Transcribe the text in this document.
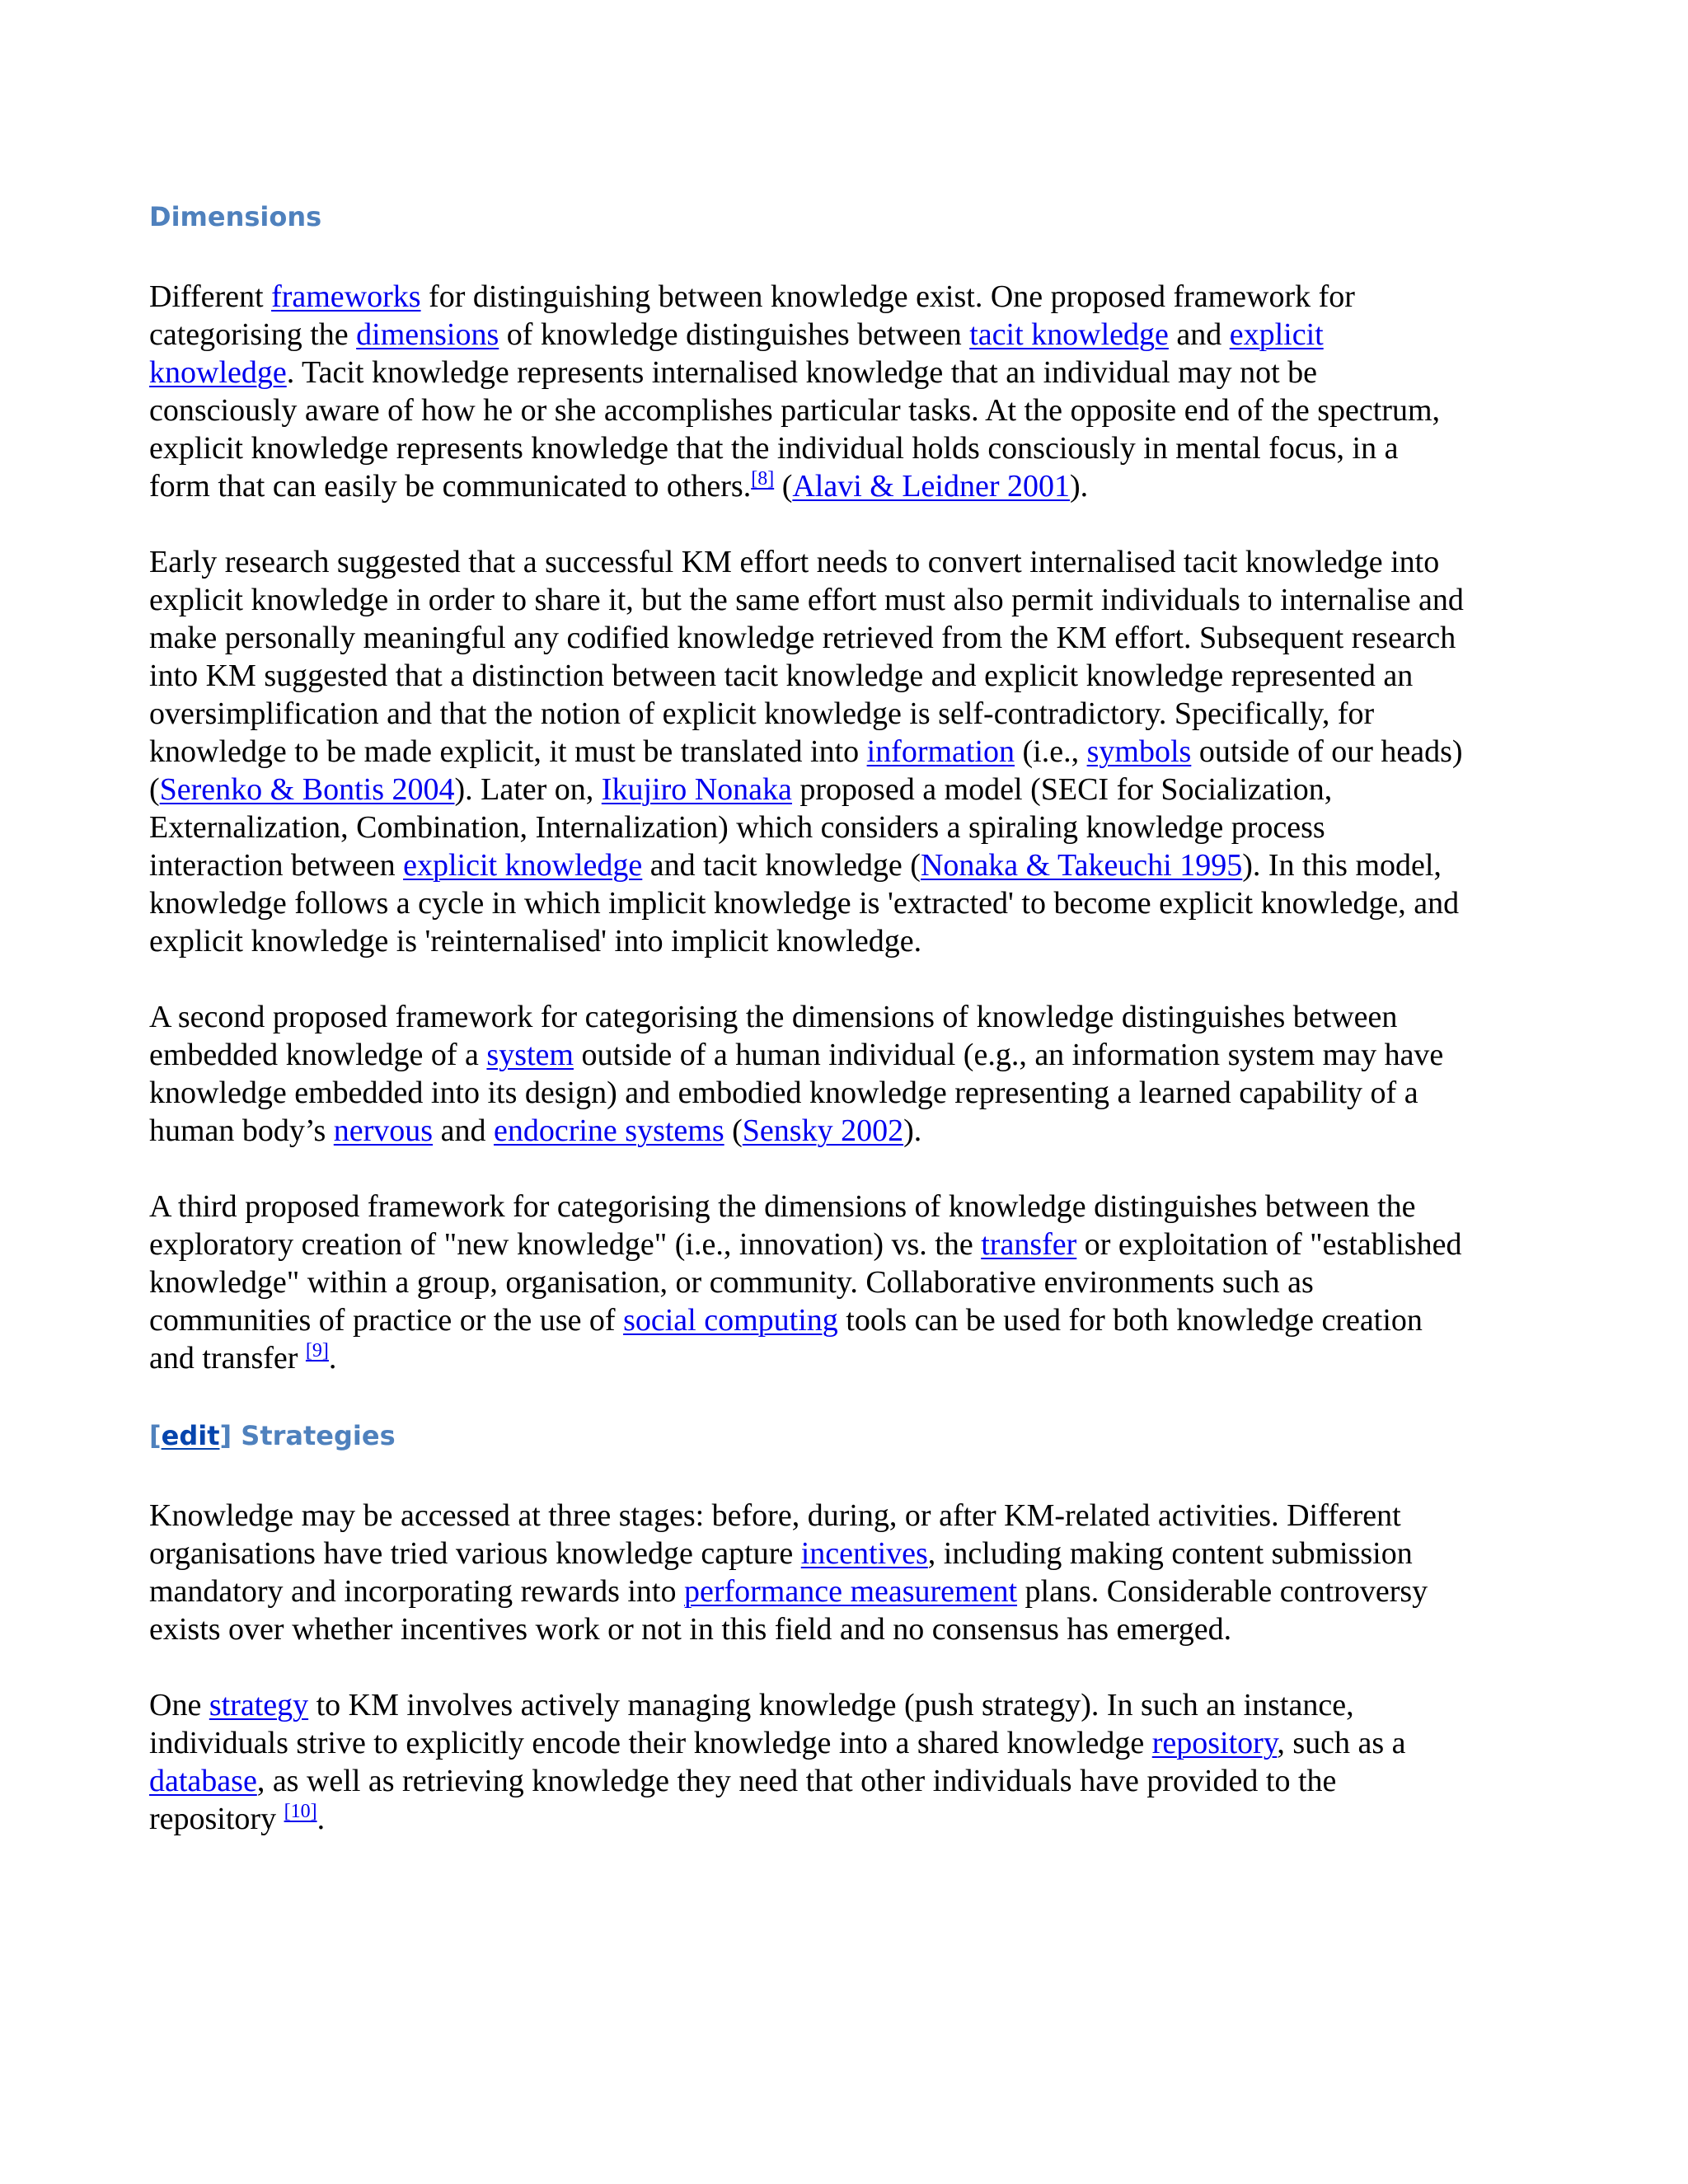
Dimensions
Different frameworks for distinguishing between knowledge exist. One proposed framework for
categorising the dimensions of knowledge distinguishes between tacit knowledge and explicit
knowledge. Tacit knowledge represents internalised knowledge that an individual may not be
consciously aware of how he or she accomplishes particular tasks. At the opposite end of the spectrum,
explicit knowledge represents knowledge that the individual holds consciously in mental focus, in a
form that can easily be communicated to others.[8] (Alavi & Leidner 2001).
Early research suggested that a successful KM effort needs to convert internalised tacit knowledge into
explicit knowledge in order to share it, but the same effort must also permit individuals to internalise and
make personally meaningful any codified knowledge retrieved from the KM effort. Subsequent research
into KM suggested that a distinction between tacit knowledge and explicit knowledge represented an
oversimplification and that the notion of explicit knowledge is self-contradictory. Specifically, for
knowledge to be made explicit, it must be translated into information (i.e., symbols outside of our heads)
(Serenko & Bontis 2004). Later on, Ikujiro Nonaka proposed a model (SECI for Socialization,
Externalization, Combination, Internalization) which considers a spiraling knowledge process
interaction between explicit knowledge and tacit knowledge (Nonaka & Takeuchi 1995). In this model,
knowledge follows a cycle in which implicit knowledge is 'extracted' to become explicit knowledge, and
explicit knowledge is 'reinternalised' into implicit knowledge.
A second proposed framework for categorising the dimensions of knowledge distinguishes between
embedded knowledge of a system outside of a human individual (e.g., an information system may have
knowledge embedded into its design) and embodied knowledge representing a learned capability of a
human body’s nervous and endocrine systems (Sensky 2002).
A third proposed framework for categorising the dimensions of knowledge distinguishes between the
exploratory creation of "new knowledge" (i.e., innovation) vs. the transfer or exploitation of "established
knowledge" within a group, organisation, or community. Collaborative environments such as
communities of practice or the use of social computing tools can be used for both knowledge creation
and transfer [9].
[edit] Strategies
Knowledge may be accessed at three stages: before, during, or after KM-related activities. Different
organisations have tried various knowledge capture incentives, including making content submission
mandatory and incorporating rewards into performance measurement plans. Considerable controversy
exists over whether incentives work or not in this field and no consensus has emerged.
One strategy to KM involves actively managing knowledge (push strategy). In such an instance,
individuals strive to explicitly encode their knowledge into a shared knowledge repository, such as a
database, as well as retrieving knowledge they need that other individuals have provided to the
repository [10].
